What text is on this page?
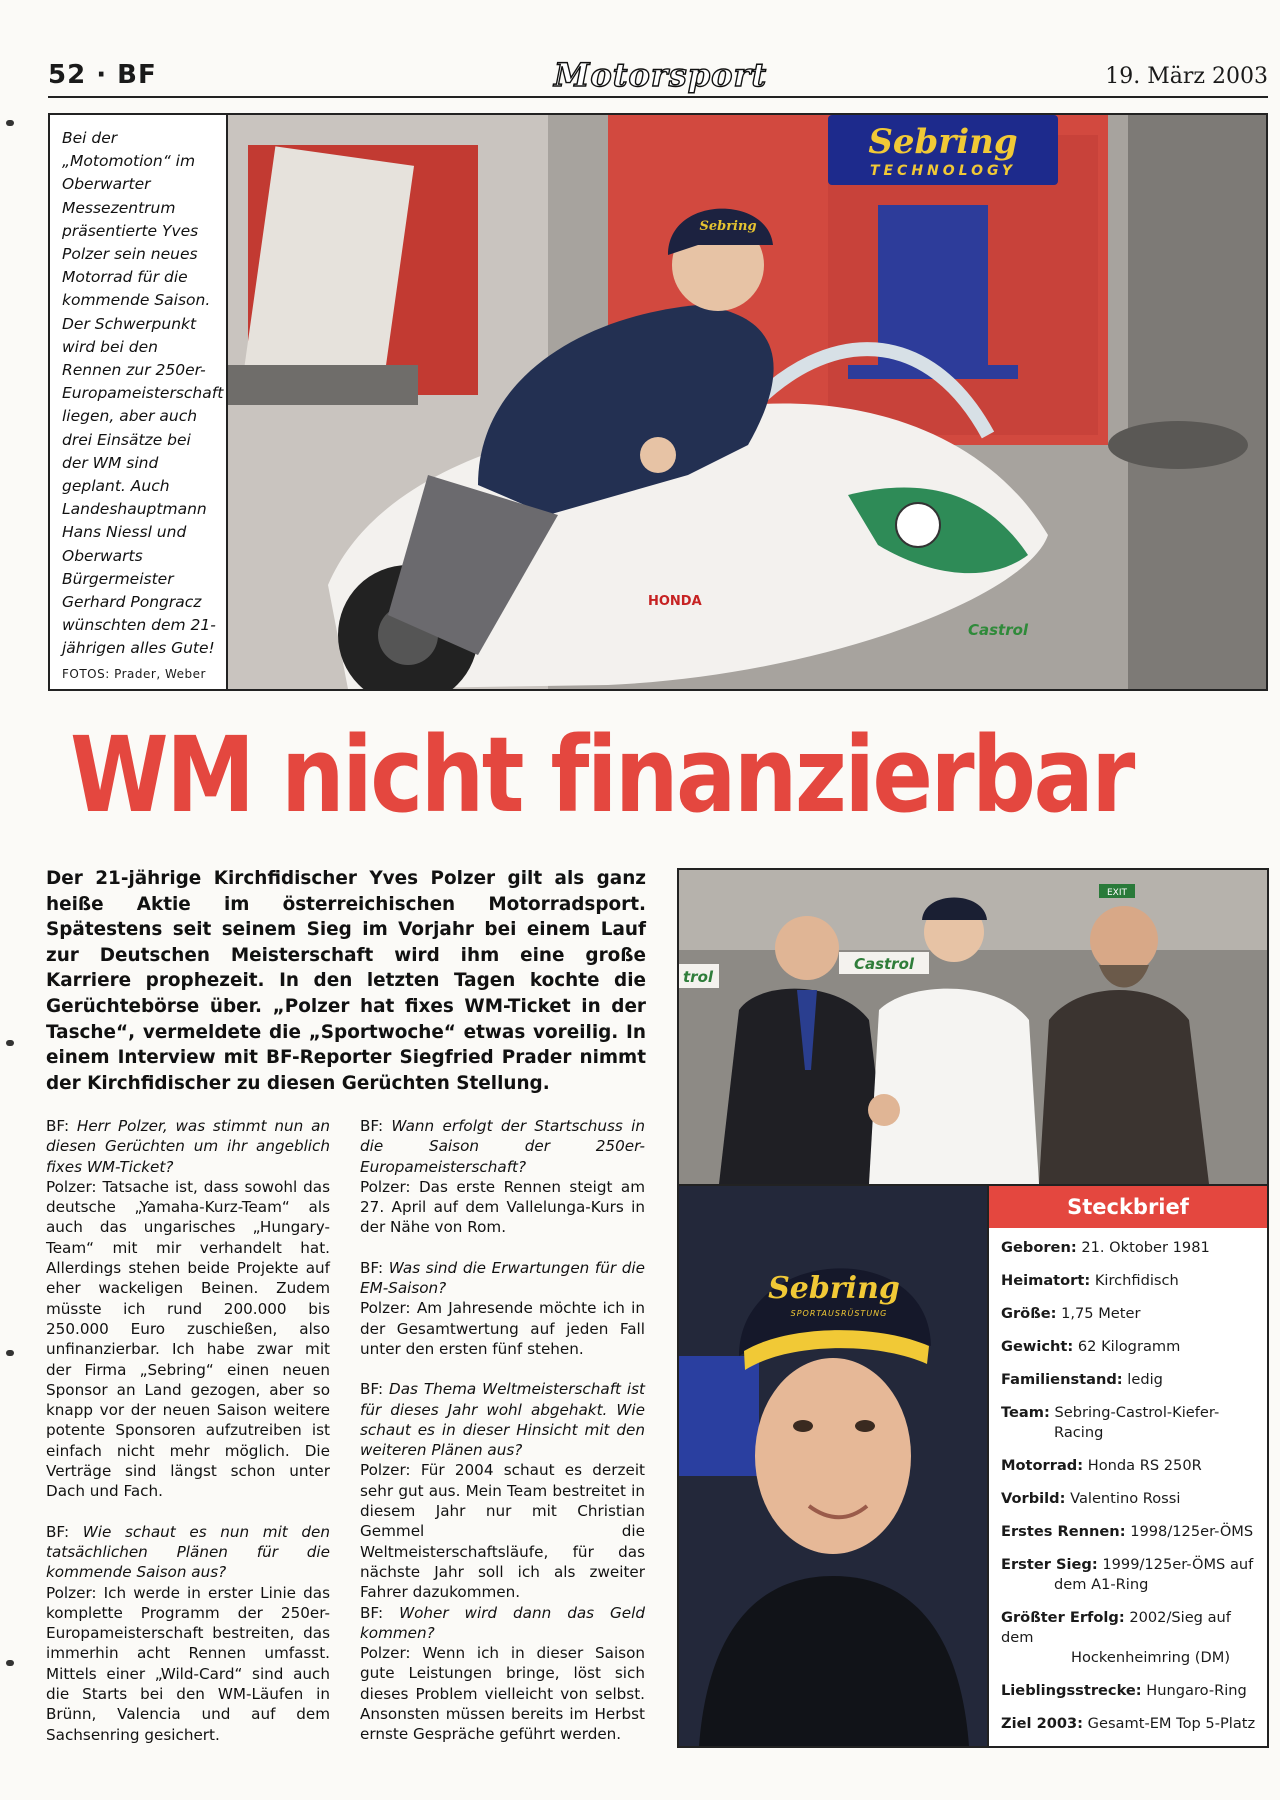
52 · BF	Motorsport	19. März 2003
Bei der „Motomotion“ im Oberwarter Messezentrum präsentierte Yves Polzer sein neues Motorrad für die kommende Saison. Der Schwerpunkt wird bei den Rennen zur 250er-Europameisterschaft liegen, aber auch drei Einsätze bei der WM sind geplant. Auch Landeshauptmann Hans Niessl und Oberwarts Bürgermeister Gerhard Pongracz wünschten dem 21-jährigen alles Gute!
FOTOS: Prader, Weber
Sebring
TECHNOLOGY
HONDA
Castrol
Sebring
WM nicht finanzierbar
Der 21-jährige Kirchfidischer Yves Polzer gilt als ganz heiße Aktie im österreichischen Motorradsport. Spätestens seit seinem Sieg im Vorjahr bei einem Lauf zur Deutschen Meisterschaft wird ihm eine große Karriere prophezeit. In den letzten Tagen kochte die Gerüchtebörse über. „Polzer hat fixes WM-Ticket in der Tasche“, vermeldete die „Sportwoche“ etwas voreilig. In einem Interview mit BF-Reporter Siegfried Prader nimmt der Kirchfidischer zu diesen Gerüchten Stellung.
BF: Herr Polzer, was stimmt nun an diesen Gerüchten um ihr angeblich fixes WM-Ticket?
Polzer: Tatsache ist, dass sowohl das deutsche „Yamaha-Kurz-Team“ als auch das ungarisches „Hungary-Team“ mit mir verhandelt hat. Allerdings stehen beide Projekte auf eher wackeligen Beinen. Zudem müsste ich rund 200.000 bis 250.000 Euro zuschießen, also unfinanzierbar. Ich habe zwar mit der Firma „Sebring“ einen neuen Sponsor an Land gezogen, aber so knapp vor der neuen Saison weitere potente Sponsoren aufzutreiben ist einfach nicht mehr möglich. Die Verträge sind längst schon unter Dach und Fach.
BF: Wie schaut es nun mit den tatsächlichen Plänen für die kommende Saison aus?
Polzer: Ich werde in erster Linie das komplette Programm der 250er-Europameisterschaft bestreiten, das immerhin acht Rennen umfasst. Mittels einer „Wild-Card“ sind auch die Starts bei den WM-Läufen in Brünn, Valencia und auf dem Sachsenring gesichert.
BF: Wann erfolgt der Startschuss in die Saison der 250er-Europameisterschaft?
Polzer: Das erste Rennen steigt am 27. April auf dem Vallelunga-Kurs in der Nähe von Rom.
BF: Was sind die Erwartungen für die EM-Saison?
Polzer: Am Jahresende möchte ich in der Gesamtwertung auf jeden Fall unter den ersten fünf stehen.
BF: Das Thema Weltmeisterschaft ist für dieses Jahr wohl abgehakt. Wie schaut es in dieser Hinsicht mit den weiteren Plänen aus?
Polzer: Für 2004 schaut es derzeit sehr gut aus. Mein Team bestreitet in diesem Jahr nur mit Christian Gemmel die Weltmeisterschaftsläufe, für das nächste Jahr soll ich als zweiter Fahrer dazukommen.
BF: Woher wird dann das Geld kommen?
Polzer: Wenn ich in dieser Saison gute Leistungen bringe, löst sich dieses Problem vielleicht von selbst. Ansonsten müssen bereits im Herbst ernste Gespräche geführt werden.
Castrol
trol
EXIT
Sebring
SPORTAUSRÜSTUNG
Steckbrief
Geboren: 21. Oktober 1981
Heimatort: Kirchfidisch
Größe: 1,75 Meter
Gewicht: 62 Kilogramm
Familienstand: ledig
Team: Sebring-Castrol-Kiefer-
Racing
Motorrad: Honda RS 250R
Vorbild: Valentino Rossi
Erstes Rennen: 1998/125er-ÖMS
Erster Sieg: 1999/125er-ÖMS auf
dem A1-Ring
Größter Erfolg: 2002/Sieg auf dem
Hockenheimring (DM)
Lieblingsstrecke: Hungaro-Ring
Ziel 2003: Gesamt-EM Top 5-Platz
